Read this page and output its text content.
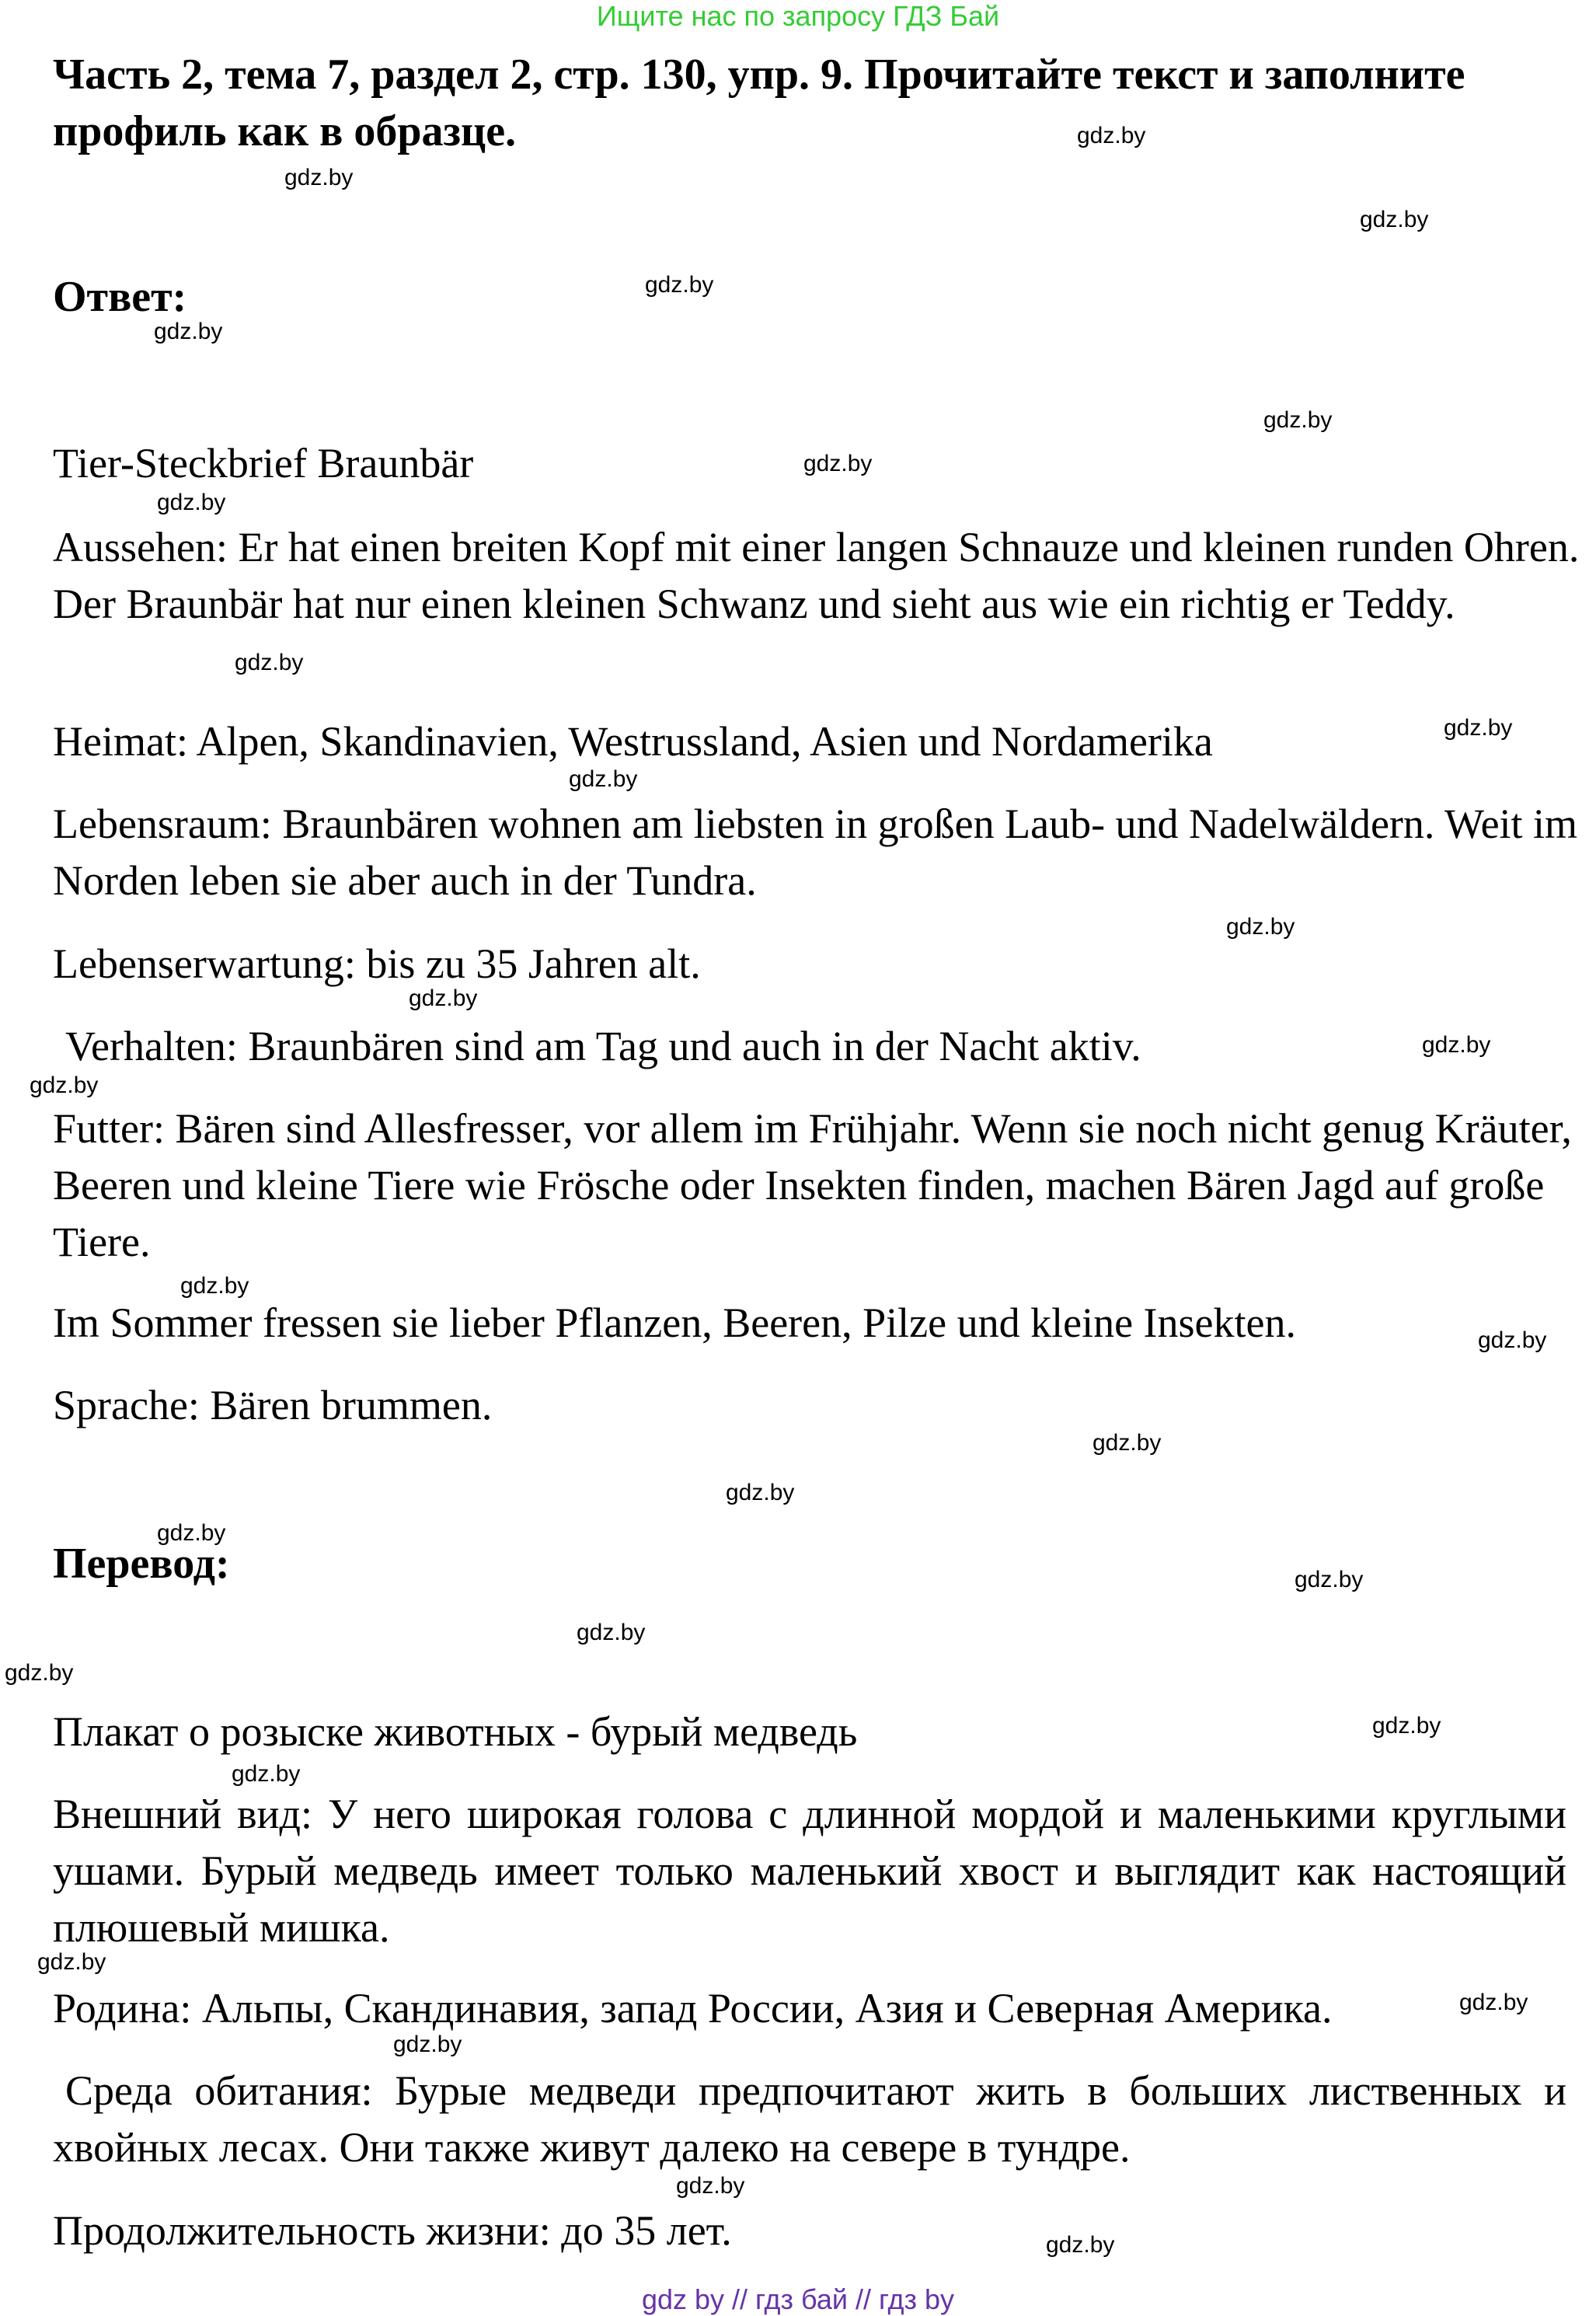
Ищите нас по запросу ГДЗ Бай
Часть 2, тема 7, раздел 2, стр. 130, упр. 9. Прочитайте текст и заполните профиль как в образце.
Ответ:
Tier-Steckbrief Braunbär
Aussehen: Er hat einen breiten Kopf mit einer langen Schnauze und kleinen runden Ohren. Der Braunbär hat nur einen kleinen Schwanz und sieht aus wie ein richtig er Teddy.
Heimat: Alpen, Skandinavien, Westrussland, Asien und Nordamerika
Lebensraum: Braunbären wohnen am liebsten in großen Laub- und Nadelwäldern. Weit im Norden leben sie aber auch in der Tundra.
Lebenserwartung: bis zu 35 Jahren alt.
Verhalten: Braunbären sind am Tag und auch in der Nacht aktiv.
Futter: Bären sind Allesfresser, vor allem im Frühjahr. Wenn sie noch nicht genug Kräuter, Beeren und kleine Tiere wie Frösche oder Insekten finden, machen Bären Jagd auf große Tiere.
Im Sommer fressen sie lieber Pflanzen, Beeren, Pilze und kleine Insekten.
Sprache: Bären brummen.
Перевод:
Плакат о розыске животных - бурый медведь
Внешний вид: У него широкая голова с длинной мордой и маленькими круглыми ушами. Бурый медведь имеет только маленький хвост и выглядит как настоящий плюшевый мишка.
Родина: Альпы, Скандинавия, запад России, Азия и Северная Америка.
Среда обитания: Бурые медведи предпочитают жить в больших лиственных и хвойных лесах. Они также живут далеко на севере в тундре.
Продолжительность жизни: до 35 лет.
gdz.by
gdz.by
gdz.by
gdz.by
gdz.by
gdz.by
gdz.by
gdz.by
gdz.by
gdz.by
gdz.by
gdz.by
gdz.by
gdz.by
gdz.by
gdz.by
gdz.by
gdz.by
gdz.by
gdz.by
gdz.by
gdz.by
gdz.by
gdz.by
gdz.by
gdz.by
gdz.by
gdz.by
gdz.by
gdz.by
gdz by // гдз бай // гдз by
